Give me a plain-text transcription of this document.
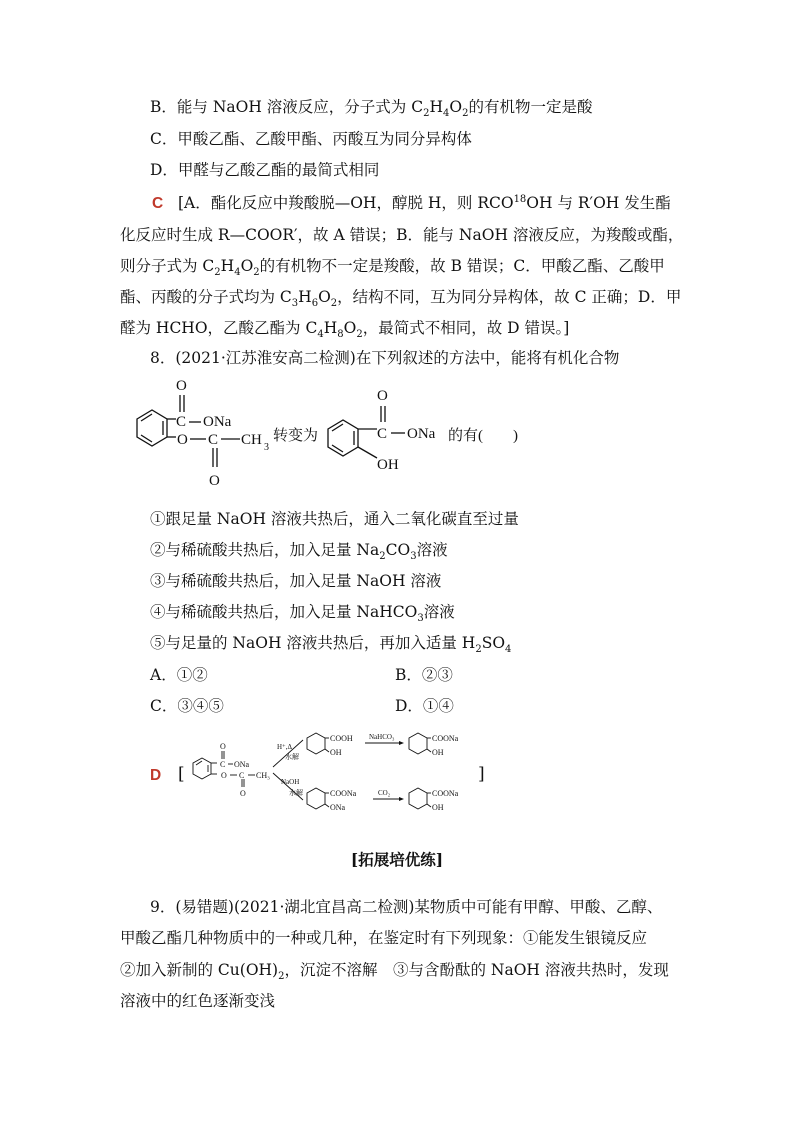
B．能与 NaOH 溶液反应，分子式为 $C_2H_4O_2$的有机物一定是酸
C．甲酸乙酯、乙酸甲酯、丙酸互为同分异构体
D．甲醛与乙酸乙酯的最简式相同
C [A．酯化反应中羧酸脱—OH，醇脱 H，则 RCO$^{18}$OH 与 R′OH 发生酯
化反应时生成 R—COOR′，故 A 错误；B．能与 NaOH 溶液反应，为羧酸或酯，
则分子式为 $C_2H_4O_2$的有机物不一定是羧酸，故 B 错误；C．甲酸乙酯、乙酸甲
酯、丙酸的分子式均为 $C_3H_6O_2$，结构不同，互为同分异构体，故 C 正确；D．甲
醛为 HCHO，乙酸乙酯为 $C_4H_8O_2$，最简式不相同，故 D 错误。]
8．(2021·江苏淮安高二检测)在下列叙述的方法中，能将有机化合物
O
C ONa
O C
O
CH 3
转变为
O
C ONa
OH
的有(　　)
①跟足量 NaOH 溶液共热后，通入二氧化碳直至过量
②与稀硫酸共热后，加入足量 $Na_2CO_3$溶液
③与稀硫酸共热后，加入足量 NaOH 溶液
④与稀硫酸共热后，加入足量 NaHCO$_3$溶液
⑤与足量的 NaOH 溶液共热后，再加入适量 $H_2SO_4$
A．①②	B．②③
C．③④⑤	D．①④
D [	]
O
C ONa
O C
O
CH₃
H⁺,Δ
水解
NaOH
水解
COOH
OH
NaHCO₃	COONa
OH
COONa
ONa
CO₂	COONa
OH
[拓展培优练]
9．(易错题)(2021·湖北宜昌高二检测)某物质中可能有甲醇、甲酸、乙醇、
甲酸乙酯几种物质中的一种或几种，在鉴定时有下列现象：①能发生银镜反应
②加入新制的 $Cu(OH)_2$，沉淀不溶解　③与含酚酞的 NaOH 溶液共热时，发现
溶液中的红色逐渐变浅
